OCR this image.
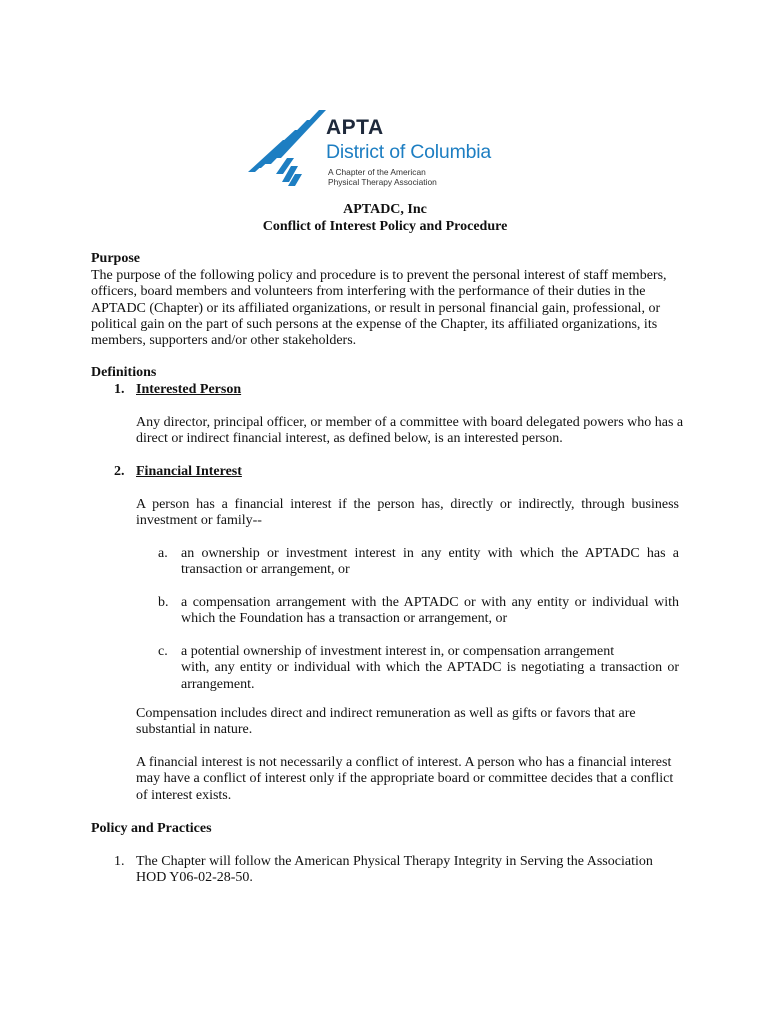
APTA
District of Columbia
A Chapter of the American
Physical Therapy Association
APTADC, Inc
Conflict of Interest Policy and Procedure
Purpose
The purpose of the following policy and procedure is to prevent the personal interest of staff members,
officers, board members and volunteers from interfering with the performance of their duties in the
APTADC (Chapter) or its affiliated organizations, or result in personal financial gain, professional, or
political gain on the part of such persons at the expense of the Chapter, its affiliated organizations, its
members, supporters and/or other stakeholders.
Definitions
1. Interested Person
Any director, principal officer, or member of a committee with board delegated powers who has a
direct or indirect financial interest, as defined below, is an interested person.
2. Financial Interest
A person has a financial interest if the person has, directly or indirectly, through business
investment or family--
a. an ownership or investment interest in any entity with which the APTADC has a
transaction or arrangement, or
b. a compensation arrangement with the APTADC or with any entity or individual with
which the Foundation has a transaction or arrangement, or
c. a potential ownership of investment interest in, or compensation arrangement
with, any entity or individual with which the APTADC is negotiating a transaction or
arrangement.
Compensation includes direct and indirect remuneration as well as gifts or favors that are
substantial in nature.
A financial interest is not necessarily a conflict of interest. A person who has a financial interest
may have a conflict of interest only if the appropriate board or committee decides that a conflict
of interest exists.
Policy and Practices
1. The Chapter will follow the American Physical Therapy Integrity in Serving the Association
HOD Y06-02-28-50.
